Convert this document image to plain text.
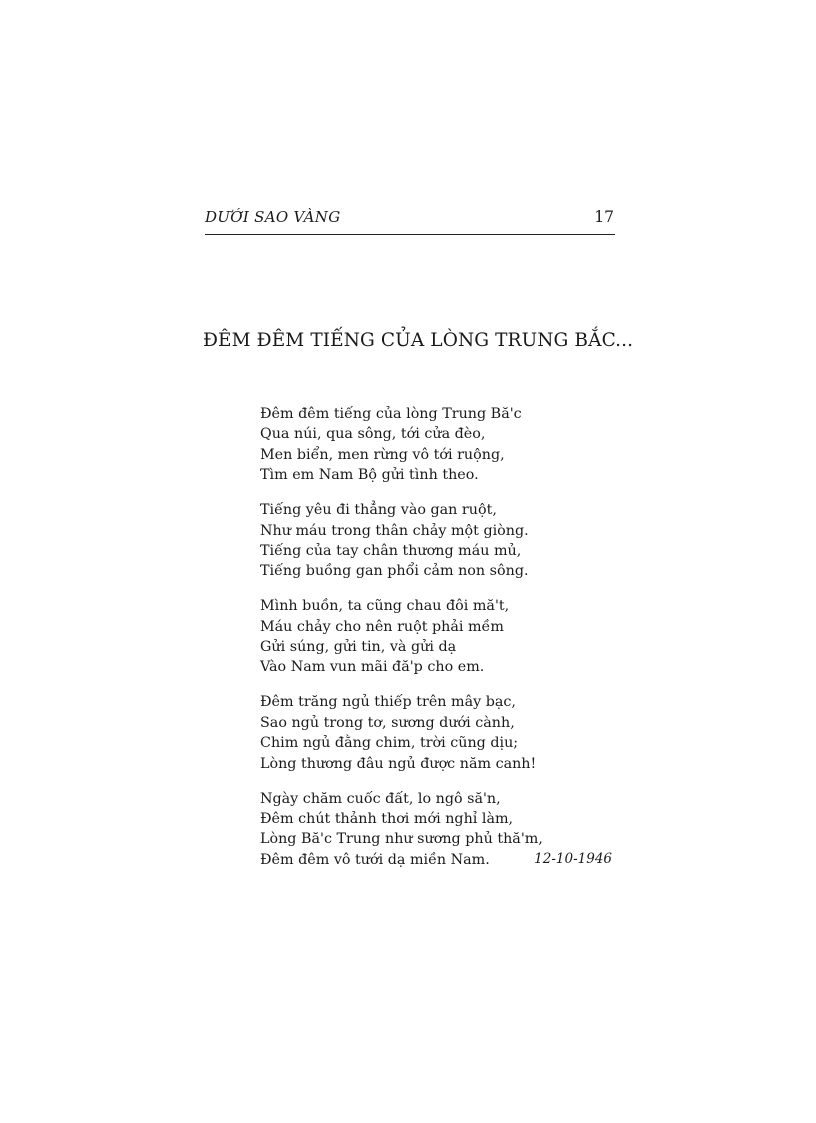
DƯỚI SAO VÀNG	17
ĐÊM ĐÊM TIẾNG CỦA LÒNG TRUNG BẮC...
Đêm đêm tiếng của lòng Trung Bă'c
Qua núi, qua sông, tới cửa đèo,
Men biển, men rừng vô tới ruộng,
Tìm em Nam Bộ gửi tình theo.
Tiếng yêu đi thẳng vào gan ruột,
Như máu trong thân chảy một giòng.
Tiếng của tay chân thương máu mủ,
Tiếng buồng gan phổi cảm non sông.
Mình buồn, ta cũng chau đôi mă't,
Máu chảy cho nên ruột phải mềm
Gửi súng, gửi tin, và gửi dạ
Vào Nam vun mãi đă'p cho em.
Đêm trăng ngủ thiếp trên mây bạc,
Sao ngủ trong tơ, sương dưới cành,
Chim ngủ đằng chim, trời cũng dịu;
Lòng thương đâu ngủ được năm canh!
Ngày chăm cuốc đất, lo ngô să'n,
Đêm chút thảnh thơi mới nghỉ làm,
Lòng Bă'c Trung như sương phủ thă'm,
Đêm đêm vô tưới dạ miền Nam.	12-10-1946
